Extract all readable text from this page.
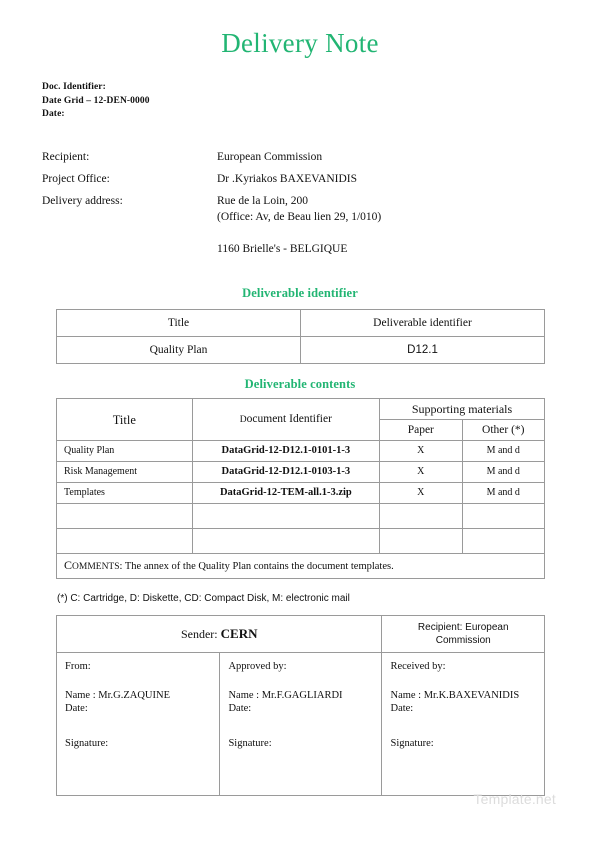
Delivery Note
Doc. Identifier:
Date Grid – 12-DEN-0000
Date:
Recipient:	European Commission
Project Office:	Dr .Kyriakos BAXEVANIDIS
Delivery address:	Rue de la Loin, 200
(Office: Av, de Beau lien 29, 1/010)

1160 Brielle's - BELGIQUE
Deliverable identifier
Title	Deliverable identifier
Quality Plan	D12.1
Deliverable contents
Title	Document Identifier	Supporting materials	
		Paper	Other (*)
Quality Plan	DataGrid-12-D12.1-0101-1-3	X	M and d
Risk Management	DataGrid-12-D12.1-0103-1-3	X	M and d
Templates	DataGrid-12-TEM-all.1-3.zip	X	M and d

COMMENTS: The annex of the Quality Plan contains the document templates.			
(*) C: Cartridge, D: Diskette, CD: Compact Disk, M: electronic mail
Sender: CERN		Recipient: European
Commission

From:
Name : Mr.G.ZAQUINE
Date:
Signature:

Approved by:
Name : Mr.F.GAGLIARDI
Date:
Signature:

Received by:
Name : Mr.K.BAXEVANIDIS
Date:
Signature:
Template.net
